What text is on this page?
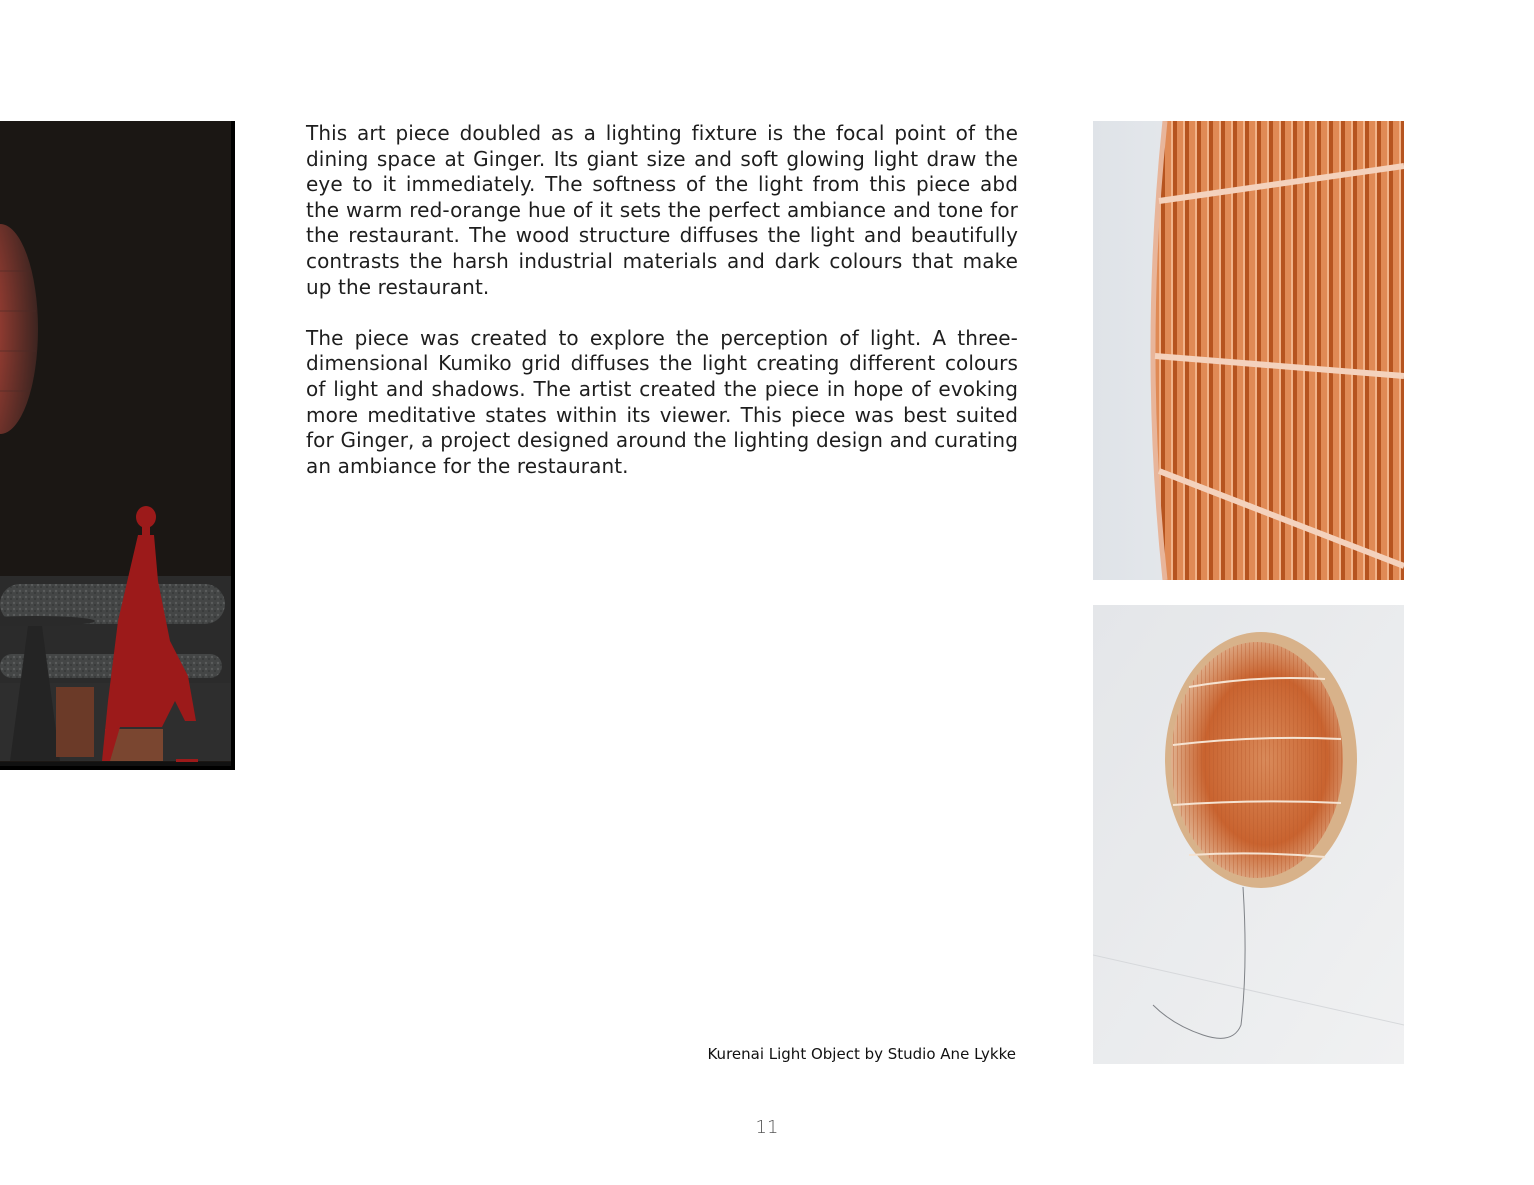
This art piece doubled as a lighting fixture is the focal point of the dining space at Ginger. Its giant size and soft glowing light draw the eye to it immediately. The softness of the light from this piece abd the warm red-orange hue of it sets the perfect ambiance and tone for the restaurant. The wood structure diffuses the light and beautifully contrasts the harsh industrial materials and dark colours that make up the restaurant.

The piece was created to explore the perception of light. A three-dimensional Kumiko grid diffuses the light creating different colours of light and shadows. The artist created the piece in hope of evoking more meditative states within its viewer. This piece was best suited for Ginger, a project designed around the lighting design and curating an ambiance for the restaurant.

Kurenai Light Object by Studio Ane Lykke
11
